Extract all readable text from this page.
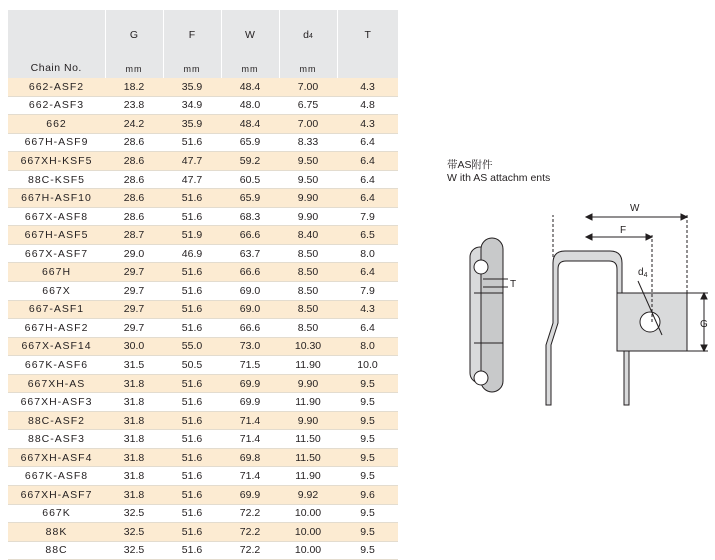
Chain No.	G	F	W	d4	T
	mm	mm	mm	mm	
662-ASF2	18.2	35.9	48.4	7.00	4.3
662-ASF3	23.8	34.9	48.0	6.75	4.8
662	24.2	35.9	48.4	7.00	4.3
667H-ASF9	28.6	51.6	65.9	8.33	6.4
667XH-KSF5	28.6	47.7	59.2	9.50	6.4
88C-KSF5	28.6	47.7	60.5	9.50	6.4
667H-ASF10	28.6	51.6	65.9	9.90	6.4
667X-ASF8	28.6	51.6	68.3	9.90	7.9
667H-ASF5	28.7	51.9	66.6	8.40	6.5
667X-ASF7	29.0	46.9	63.7	8.50	8.0
667H	29.7	51.6	66.6	8.50	6.4
667X	29.7	51.6	69.0	8.50	7.9
667-ASF1	29.7	51.6	69.0	8.50	4.3
667H-ASF2	29.7	51.6	66.6	8.50	6.4
667X-ASF14	30.0	55.0	73.0	10.30	8.0
667K-ASF6	31.5	50.5	71.5	11.90	10.0
667XH-AS	31.8	51.6	69.9	9.90	9.5
667XH-ASF3	31.8	51.6	69.9	11.90	9.5
88C-ASF2	31.8	51.6	71.4	9.90	9.5
88C-ASF3	31.8	51.6	71.4	11.50	9.5
667XH-ASF4	31.8	51.6	69.8	11.50	9.5
667K-ASF8	31.8	51.6	71.4	11.90	9.5
667XH-ASF7	31.8	51.6	69.9	9.92	9.6
667K	32.5	51.6	72.2	10.00	9.5
88K	32.5	51.6	72.2	10.00	9.5
88C	32.5	51.6	72.2	10.00	9.5
带AS附件
W ith AS attachm ents
W
F
$d_4$
G
T
